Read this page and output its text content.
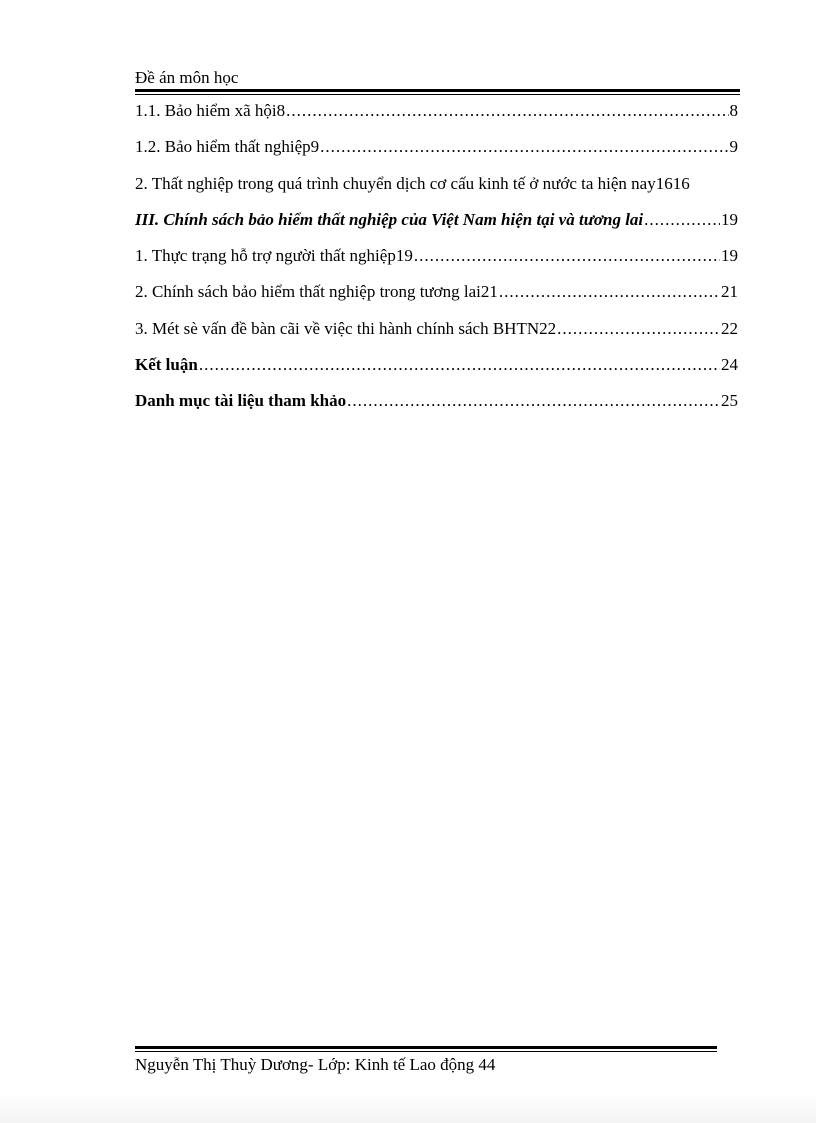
Đề án môn học
1.1. Bảo hiểm xã hội8 .....	8
1.2. Bảo hiểm thất nghiệp9 .....	9
2. Thất nghiệp trong quá trình chuyển dịch cơ cấu kinh tế ở nước ta hiện nay1616
III. Chính sách bảo hiểm thất nghiệp của Việt Nam hiện tại và tương lai .....	19
1. Thực trạng hỗ trợ người thất nghiệp19 .....	19
2. Chính sách bảo hiểm thất nghiệp trong tương lai21 .....	21
3. Mét sè vấn đề bàn cãi về việc thi hành chính sách BHTN22 .....	22
Kết luận .....	24
Danh mục tài liệu tham khảo .....	25
Nguyễn Thị Thuỳ Dương- Lớp: Kinh tế Lao động 44
